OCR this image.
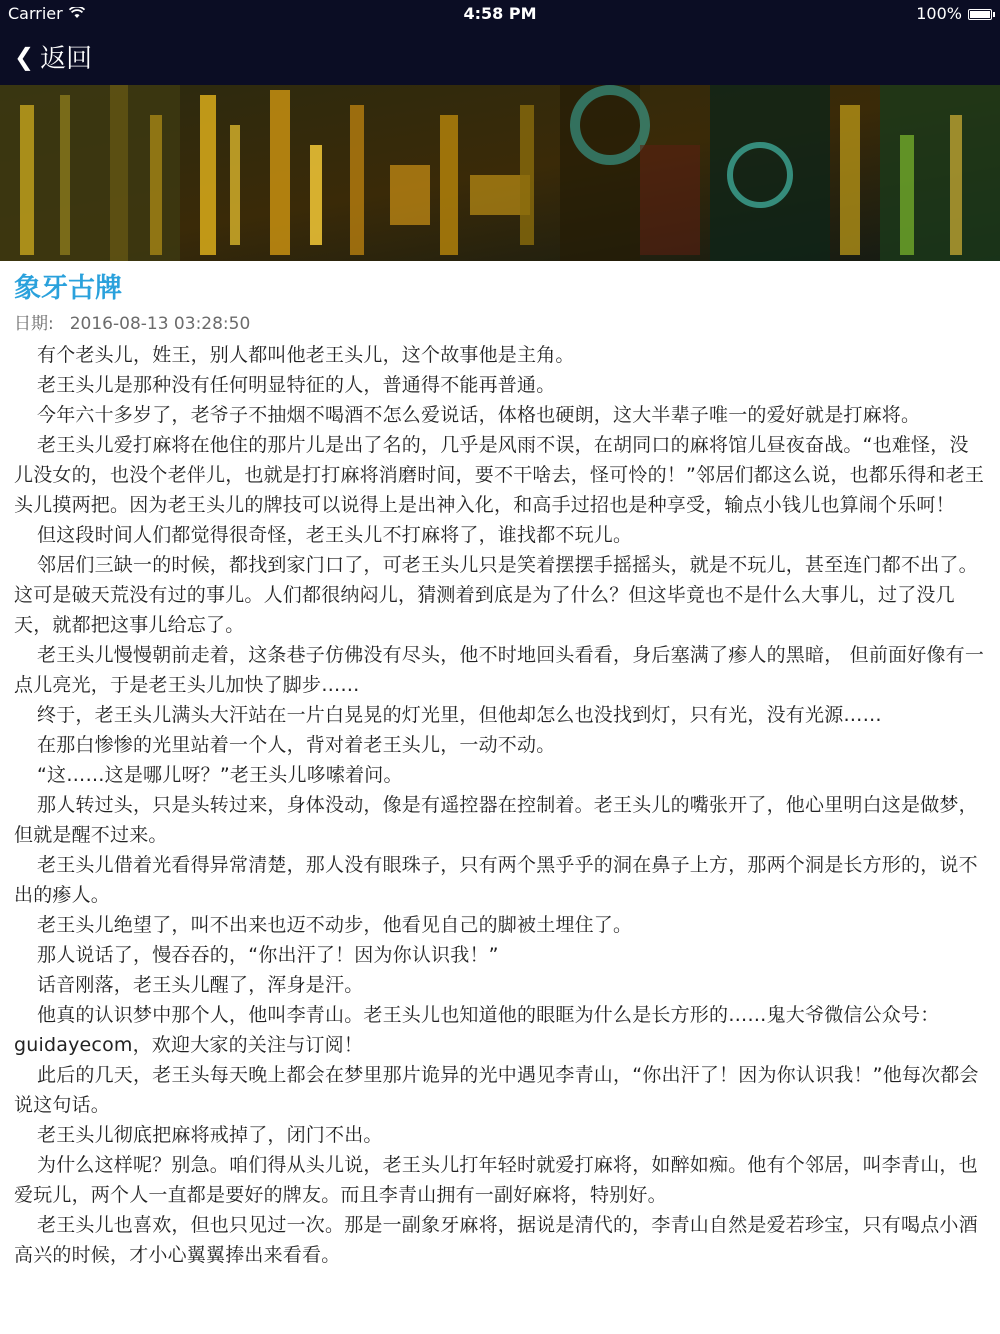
Carrier	4:58 PM	100%
❮ 返回
象牙古牌
日期: 2016-08-13 03:28:50

有个老头儿，姓王，别人都叫他老王头儿，这个故事他是主角。

老王头儿是那种没有任何明显特征的人，普通得不能再普通。

今年六十多岁了，老爷子不抽烟不喝酒不怎么爱说话，体格也硬朗，这大半辈子唯一的爱好就是打麻将。

老王头儿爱打麻将在他住的那片儿是出了名的，几乎是风雨不误，在胡同口的麻将馆儿昼夜奋战。“也难怪，没儿没女的，也没个老伴儿，也就是打打麻将消磨时间，要不干啥去，怪可怜的！”邻居们都这么说，也都乐得和老王头儿摸两把。因为老王头儿的牌技可以说得上是出神入化，和高手过招也是种享受，输点小钱儿也算闹个乐呵！

但这段时间人们都觉得很奇怪，老王头儿不打麻将了，谁找都不玩儿。

邻居们三缺一的时候，都找到家门口了，可老王头儿只是笑着摆摆手摇摇头，就是不玩儿，甚至连门都不出了。这可是破天荒没有过的事儿。人们都很纳闷儿，猜测着到底是为了什么？但这毕竟也不是什么大事儿，过了没几天，就都把这事儿给忘了。

老王头儿慢慢朝前走着，这条巷子仿佛没有尽头，他不时地回头看看，身后塞满了瘆人的黑暗， 但前面好像有一点儿亮光，于是老王头儿加快了脚步……

终于，老王头儿满头大汗站在一片白晃晃的灯光里，但他却怎么也没找到灯，只有光，没有光源……

在那白惨惨的光里站着一个人，背对着老王头儿，一动不动。

“这……这是哪儿呀？”老王头儿哆嗦着问。

那人转过头，只是头转过来，身体没动，像是有遥控器在控制着。老王头儿的嘴张开了，他心里明白这是做梦，但就是醒不过来。

老王头儿借着光看得异常清楚，那人没有眼珠子，只有两个黑乎乎的洞在鼻子上方，那两个洞是长方形的，说不出的瘆人。

老王头儿绝望了，叫不出来也迈不动步，他看见自己的脚被土埋住了。

那人说话了，慢吞吞的，“你出汗了！因为你认识我！”

话音刚落，老王头儿醒了，浑身是汗。

他真的认识梦中那个人，他叫李青山。老王头儿也知道他的眼眶为什么是长方形的……鬼大爷微信公众号：guidayecom，欢迎大家的关注与订阅！

此后的几天，老王头每天晚上都会在梦里那片诡异的光中遇见李青山，“你出汗了！因为你认识我！”他每次都会说这句话。

老王头儿彻底把麻将戒掉了，闭门不出。

为什么这样呢？别急。咱们得从头儿说，老王头儿打年轻时就爱打麻将，如醉如痴。他有个邻居，叫李青山，也爱玩儿，两个人一直都是要好的牌友。而且李青山拥有一副好麻将，特别好。

老王头儿也喜欢，但也只见过一次。那是一副象牙麻将，据说是清代的，李青山自然是爱若珍宝，只有喝点小酒高兴的时候，才小心翼翼捧出来看看。
